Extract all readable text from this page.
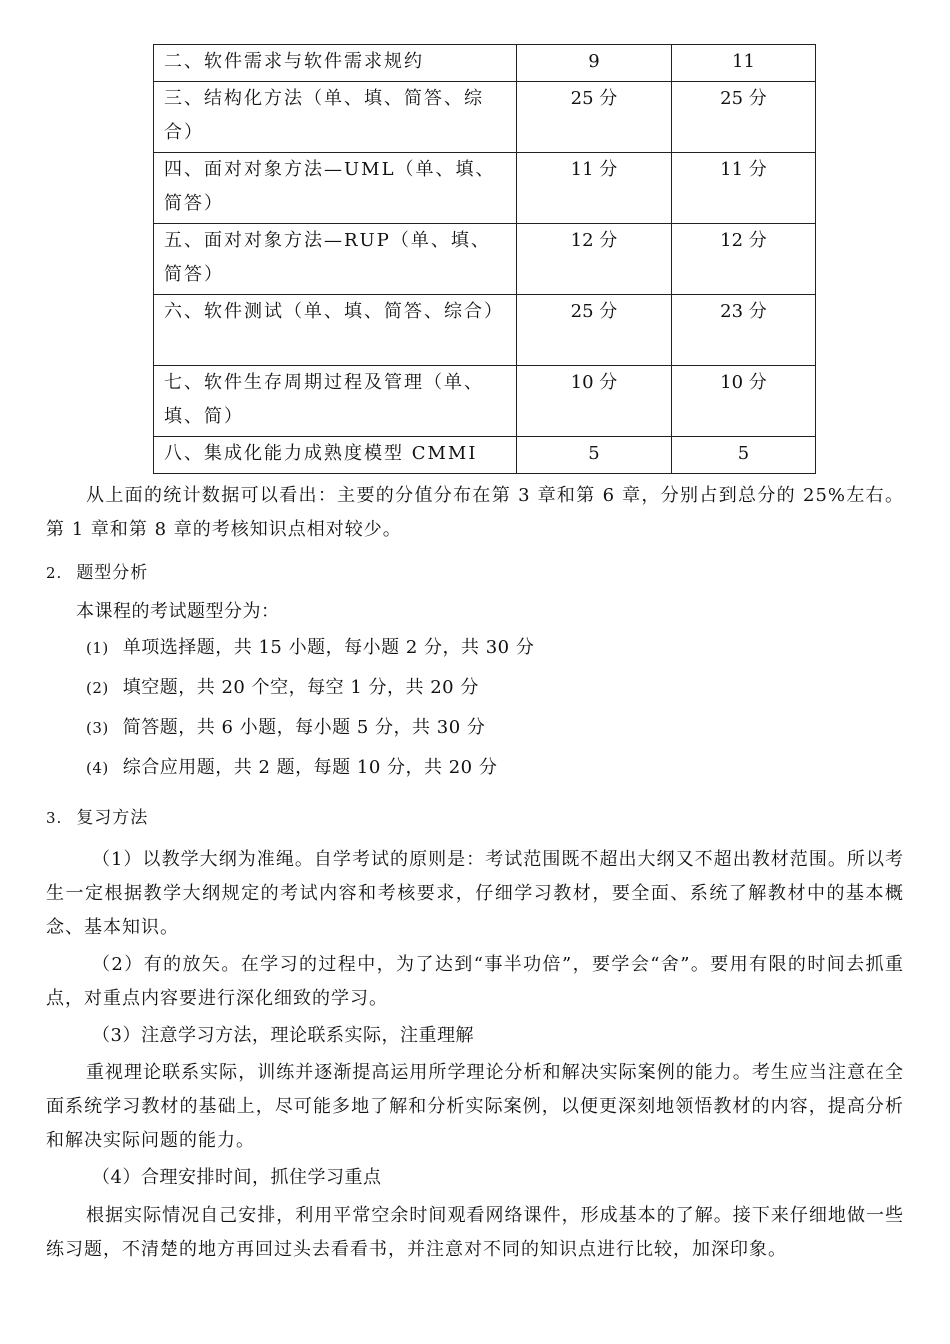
二、软件需求与软件需求规约	9	11
三、结构化方法（单、填、简答、综合）	25 分	25 分
四、面对对象方法—UML（单、填、简答）	11 分	11 分
五、面对对象方法—RUP（单、填、简答）	12 分	12 分
六、软件测试（单、填、简答、综合）	25 分	23 分
七、软件生存周期过程及管理（单、填、简）	10 分	10 分
八、集成化能力成熟度模型 CMMI	5	5
从上面的统计数据可以看出：主要的分值分布在第 3 章和第 6 章，分别占到总分的 25%左右。第 1 章和第 8 章的考核知识点相对较少。
2. 题型分析
本课程的考试题型分为：
(1) 单项选择题，共 15 小题，每小题 2 分，共 30 分
(2) 填空题，共 20 个空，每空 1 分，共 20 分
(3) 简答题，共 6 小题，每小题 5 分，共 30 分
(4) 综合应用题，共 2 题，每题 10 分，共 20 分
3. 复习方法
（1）以教学大纲为准绳。自学考试的原则是：考试范围既不超出大纲又不超出教材范围。所以考生一定根据教学大纲规定的考试内容和考核要求，仔细学习教材，要全面、系统了解教材中的基本概念、基本知识。
（2）有的放矢。在学习的过程中，为了达到“事半功倍”，要学会“舍”。要用有限的时间去抓重点，对重点内容要进行深化细致的学习。
（3）注意学习方法，理论联系实际，注重理解
重视理论联系实际，训练并逐渐提高运用所学理论分析和解决实际案例的能力。考生应当注意在全面系统学习教材的基础上，尽可能多地了解和分析实际案例，以便更深刻地领悟教材的内容，提高分析和解决实际问题的能力。
（4）合理安排时间，抓住学习重点
根据实际情况自己安排，利用平常空余时间观看网络课件，形成基本的了解。接下来仔细地做一些练习题，不清楚的地方再回过头去看看书，并注意对不同的知识点进行比较，加深印象。
